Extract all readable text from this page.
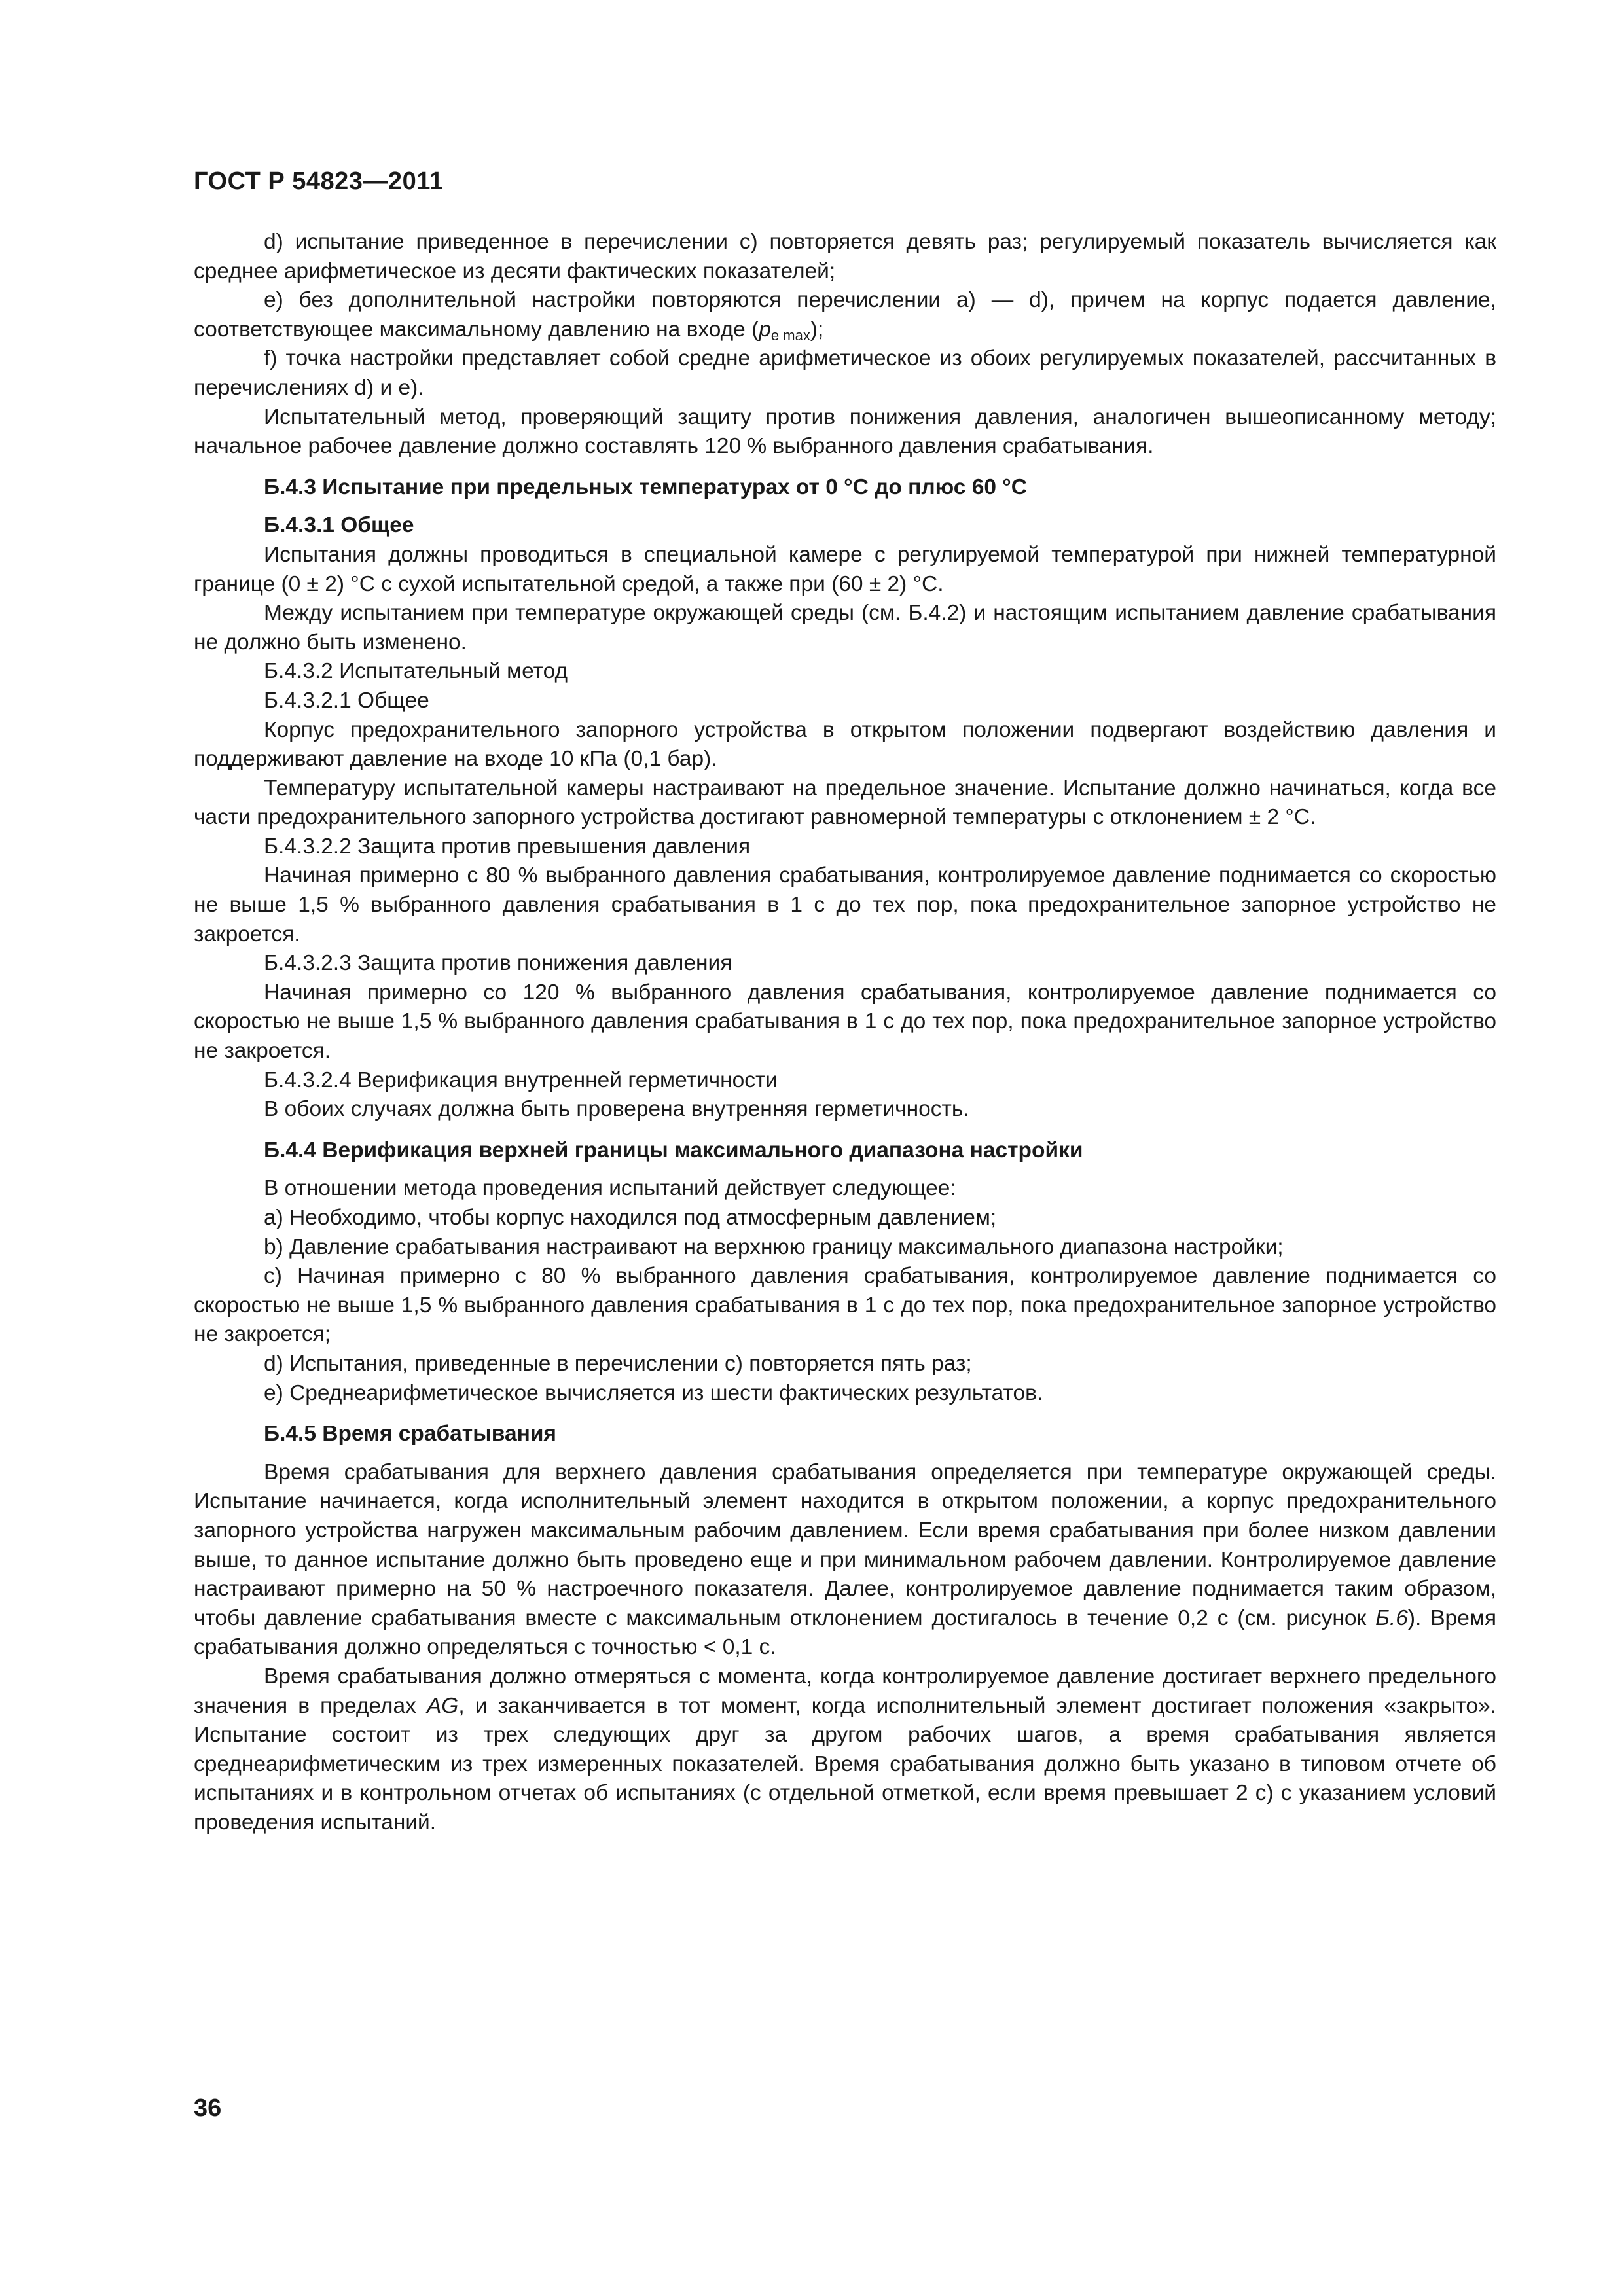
ГОСТ Р 54823—2011

d) испытание приведенное в перечислении с) повторяется девять раз; регулируемый показатель вычисляется как среднее арифметическое из десяти фактических показателей;

е) без дополнительной настройки повторяются перечислении а) — d), причем на корпус подается давление, соответствующее максимальному давлению на входе $(p_{e max})$;

f) точка настройки представляет собой средне арифметическое из обоих регулируемых показателей, рассчитанных в перечислениях d) и е).

Испытательный метод, проверяющий защиту против понижения давления, аналогичен вышеописанному методу; начальное рабочее давление должно составлять 120 % выбранного давления срабатывания.

Б.4.3 Испытание при предельных температурах от 0 °С до плюс 60 °С

Б.4.3.1 Общее

Испытания должны проводиться в специальной камере с регулируемой температурой при нижней температурной границе (0 ± 2) °С с сухой испытательной средой, а также при (60 ± 2) °С.

Между испытанием при температуре окружающей среды (см. Б.4.2) и настоящим испытанием давление срабатывания не должно быть изменено.

Б.4.3.2 Испытательный метод

Б.4.3.2.1 Общее

Корпус предохранительного запорного устройства в открытом положении подвергают воздействию давления и поддерживают давление на входе 10 кПа (0,1 бар).

Температуру испытательной камеры настраивают на предельное значение. Испытание должно начинаться, когда все части предохранительного запорного устройства достигают равномерной температуры с отклонением ± 2 °С.

Б.4.3.2.2 Защита против превышения давления

Начиная примерно с 80 % выбранного давления срабатывания, контролируемое давление поднимается со скоростью не выше 1,5 % выбранного давления срабатывания в 1 с до тех пор, пока предохранительное запорное устройство не закроется.

Б.4.3.2.3 Защита против понижения давления

Начиная примерно со 120 % выбранного давления срабатывания, контролируемое давление поднимается со скоростью не выше 1,5 % выбранного давления срабатывания в 1 с до тех пор, пока предохранительное запорное устройство не закроется.

Б.4.3.2.4 Верификация внутренней герметичности

В обоих случаях должна быть проверена внутренняя герметичность.

Б.4.4 Верификация верхней границы максимального диапазона настройки

В отношении метода проведения испытаний действует следующее:

а) Необходимо, чтобы корпус находился под атмосферным давлением;

b) Давление срабатывания настраивают на верхнюю границу максимального диапазона настройки;

с) Начиная примерно с 80 % выбранного давления срабатывания, контролируемое давление поднимается со скоростью не выше 1,5 % выбранного давления срабатывания в 1 с до тех пор, пока предохранительное запорное устройство не закроется;

d) Испытания, приведенные в перечислении с) повторяется пять раз;

е) Среднеарифметическое вычисляется из шести фактических результатов.

Б.4.5 Время срабатывания

Время срабатывания для верхнего давления срабатывания определяется при температуре окружающей среды. Испытание начинается, когда исполнительный элемент находится в открытом положении, а корпус предохранительного запорного устройства нагружен максимальным рабочим давлением. Если время срабатывания при более низком давлении выше, то данное испытание должно быть проведено еще и при минимальном рабочем давлении. Контролируемое давление настраивают примерно на 50 % настроечного показателя. Далее, контролируемое давление поднимается таким образом, чтобы давление срабатывания вместе с максимальным отклонением достигалось в течение 0,2 с (см. рисунок Б.6). Время срабатывания должно определяться с точностью < 0,1 с.

Время срабатывания должно отмеряться с момента, когда контролируемое давление достигает верхнего предельного значения в пределах AG, и заканчивается в тот момент, когда исполнительный элемент достигает положения «закрыто». Испытание состоит из трех следующих друг за другом рабочих шагов, а время срабатывания является среднеарифметическим из трех измеренных показателей. Время срабатывания должно быть указано в типовом отчете об испытаниях и в контрольном отчетах об испытаниях (с отдельной отметкой, если время превышает 2 с) с указанием условий проведения испытаний.

36
